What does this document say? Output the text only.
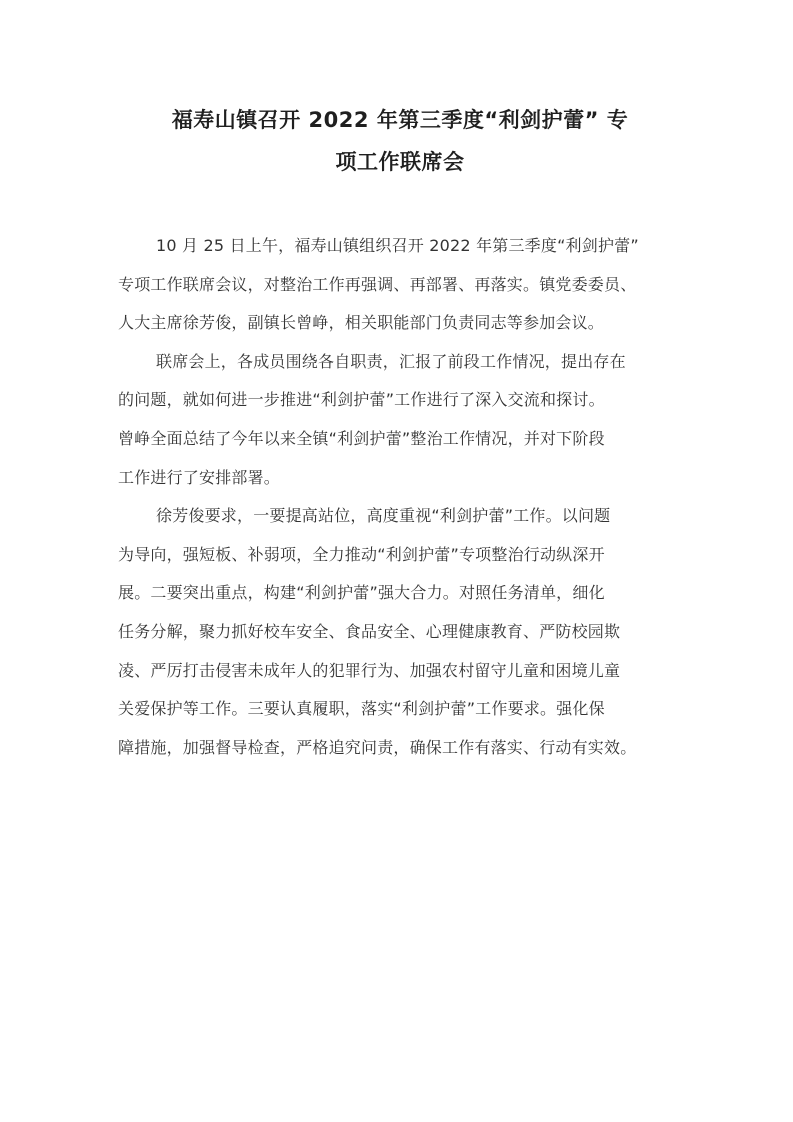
福寿山镇召开 2022 年第三季度“利剑护蕾” 专
项工作联席会
10 月 25 日上午，福寿山镇组织召开 2022 年第三季度“利剑护蕾”
专项工作联席会议，对整治工作再强调、再部署、再落实。镇党委委员、
人大主席徐芳俊，副镇长曾峥，相关职能部门负责同志等参加会议。
联席会上，各成员围绕各自职责，汇报了前段工作情况，提出存在
的问题，就如何进一步推进“利剑护蕾”工作进行了深入交流和探讨。
曾峥全面总结了今年以来全镇“利剑护蕾”整治工作情况，并对下阶段
工作进行了安排部署。
徐芳俊要求，一要提高站位，高度重视“利剑护蕾”工作。以问题
为导向，强短板、补弱项，全力推动“利剑护蕾”专项整治行动纵深开
展。二要突出重点，构建“利剑护蕾”强大合力。对照任务清单，细化
任务分解，聚力抓好校车安全、食品安全、心理健康教育、严防校园欺
凌、严厉打击侵害未成年人的犯罪行为、加强农村留守儿童和困境儿童
关爱保护等工作。三要认真履职，落实“利剑护蕾”工作要求。强化保
障措施，加强督导检查，严格追究问责，确保工作有落实、行动有实效。
